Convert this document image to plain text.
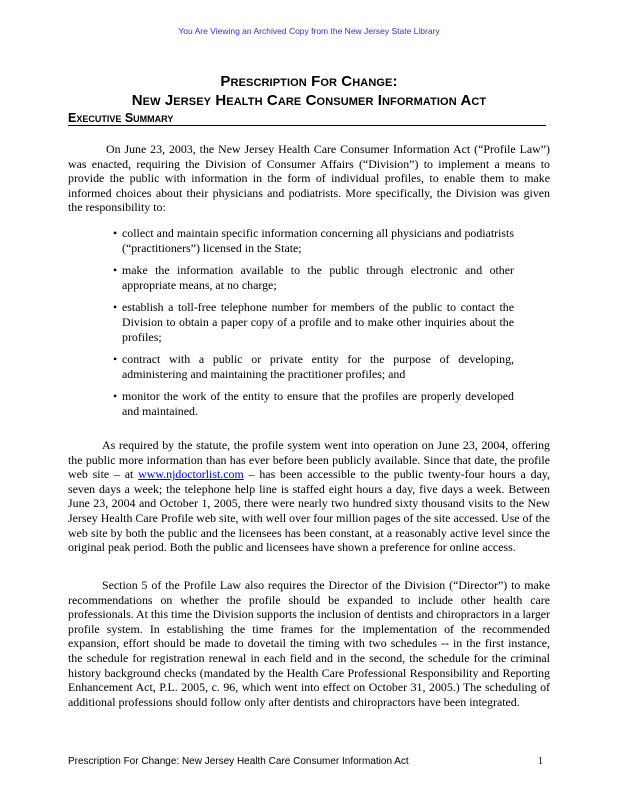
You Are Viewing an Archived Copy from the New Jersey State Library
Prescription For Change:
New Jersey Health Care Consumer Information Act
Executive Summary
On June 23, 2003, the New Jersey Health Care Consumer Information Act (“Profile Law”) was enacted, requiring the Division of Consumer Affairs (“Division”) to implement a means to provide the public with information in the form of individual profiles, to enable them to make informed choices about their physicians and podiatrists. More specifically, the Division was given the responsibility to:
• collect and maintain specific information concerning all physicians and podiatrists (“practitioners”) licensed in the State;
• make the information available to the public through electronic and other appropriate means, at no charge;
• establish a toll-free telephone number for members of the public to contact the Division to obtain a paper copy of a profile and to make other inquiries about the profiles;
• contract with a public or private entity for the purpose of developing, administering and maintaining the practitioner profiles; and
• monitor the work of the entity to ensure that the profiles are properly developed and maintained.
As required by the statute, the profile system went into operation on June 23, 2004, offering the public more information than has ever before been publicly available. Since that date, the profile web site – at www.njdoctorlist.com – has been accessible to the public twenty-four hours a day, seven days a week; the telephone help line is staffed eight hours a day, five days a week. Between June 23, 2004 and October 1, 2005, there were nearly two hundred sixty thousand visits to the New Jersey Health Care Profile web site, with well over four million pages of the site accessed. Use of the web site by both the public and the licensees has been constant, at a reasonably active level since the original peak period. Both the public and licensees have shown a preference for online access.
Section 5 of the Profile Law also requires the Director of the Division (“Director”) to make recommendations on whether the profile should be expanded to include other health care professionals. At this time the Division supports the inclusion of dentists and chiropractors in a larger profile system. In establishing the time frames for the implementation of the recommended expansion, effort should be made to dovetail the timing with two schedules -- in the first instance, the schedule for registration renewal in each field and in the second, the schedule for the criminal history background checks (mandated by the Health Care Professional Responsibility and Reporting Enhancement Act, P.L. 2005, c. 96, which went into effect on October 31, 2005.) The scheduling of additional professions should follow only after dentists and chiropractors have been integrated.
Prescription For Change: New Jersey Health Care Consumer Information Act	1
